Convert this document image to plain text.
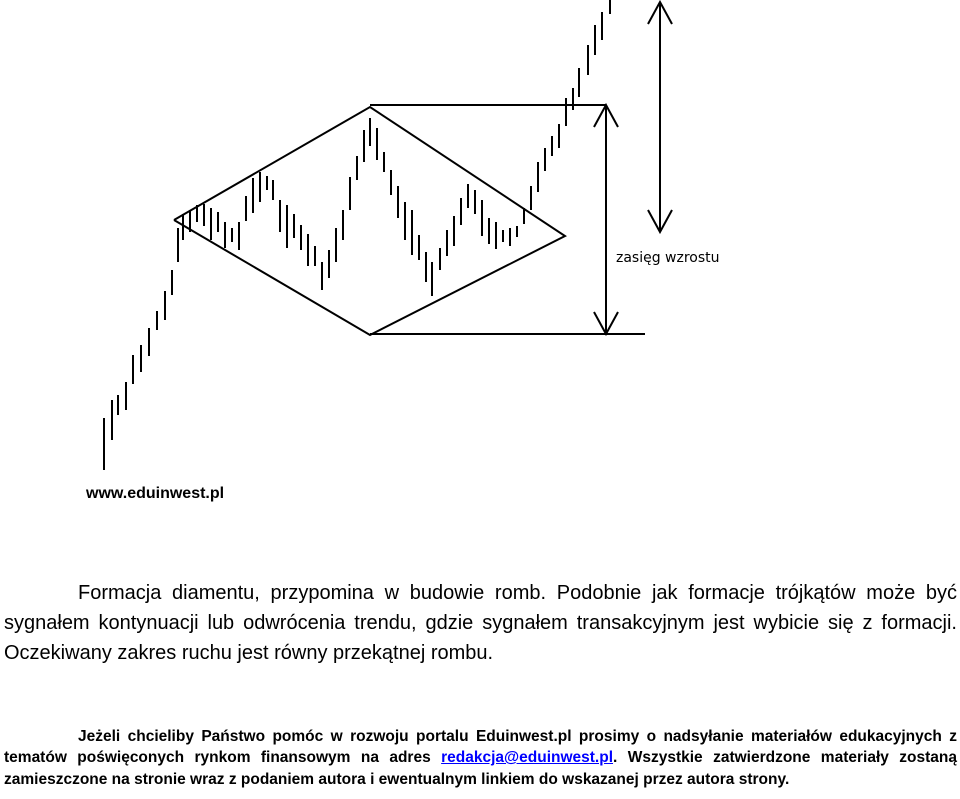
zasięg wzrostu
www.eduinwest.pl

Formacja diamentu, przypomina w budowie romb. Podobnie jak formacje trójkątów może być sygnałem kontynuacji lub odwrócenia trendu, gdzie sygnałem transakcyjnym jest wybicie się z formacji. Oczekiwany zakres ruchu jest równy przekątnej rombu.

Jeżeli chcieliby Państwo pomóc w rozwoju portalu Eduinwest.pl prosimy o nadsyłanie materiałów edukacyjnych z tematów poświęconych rynkom finansowym na adres redakcja@eduinwest.pl. Wszystkie zatwierdzone materiały zostaną zamieszczone na stronie wraz z podaniem autora i ewentualnym linkiem do wskazanej przez autora strony.
